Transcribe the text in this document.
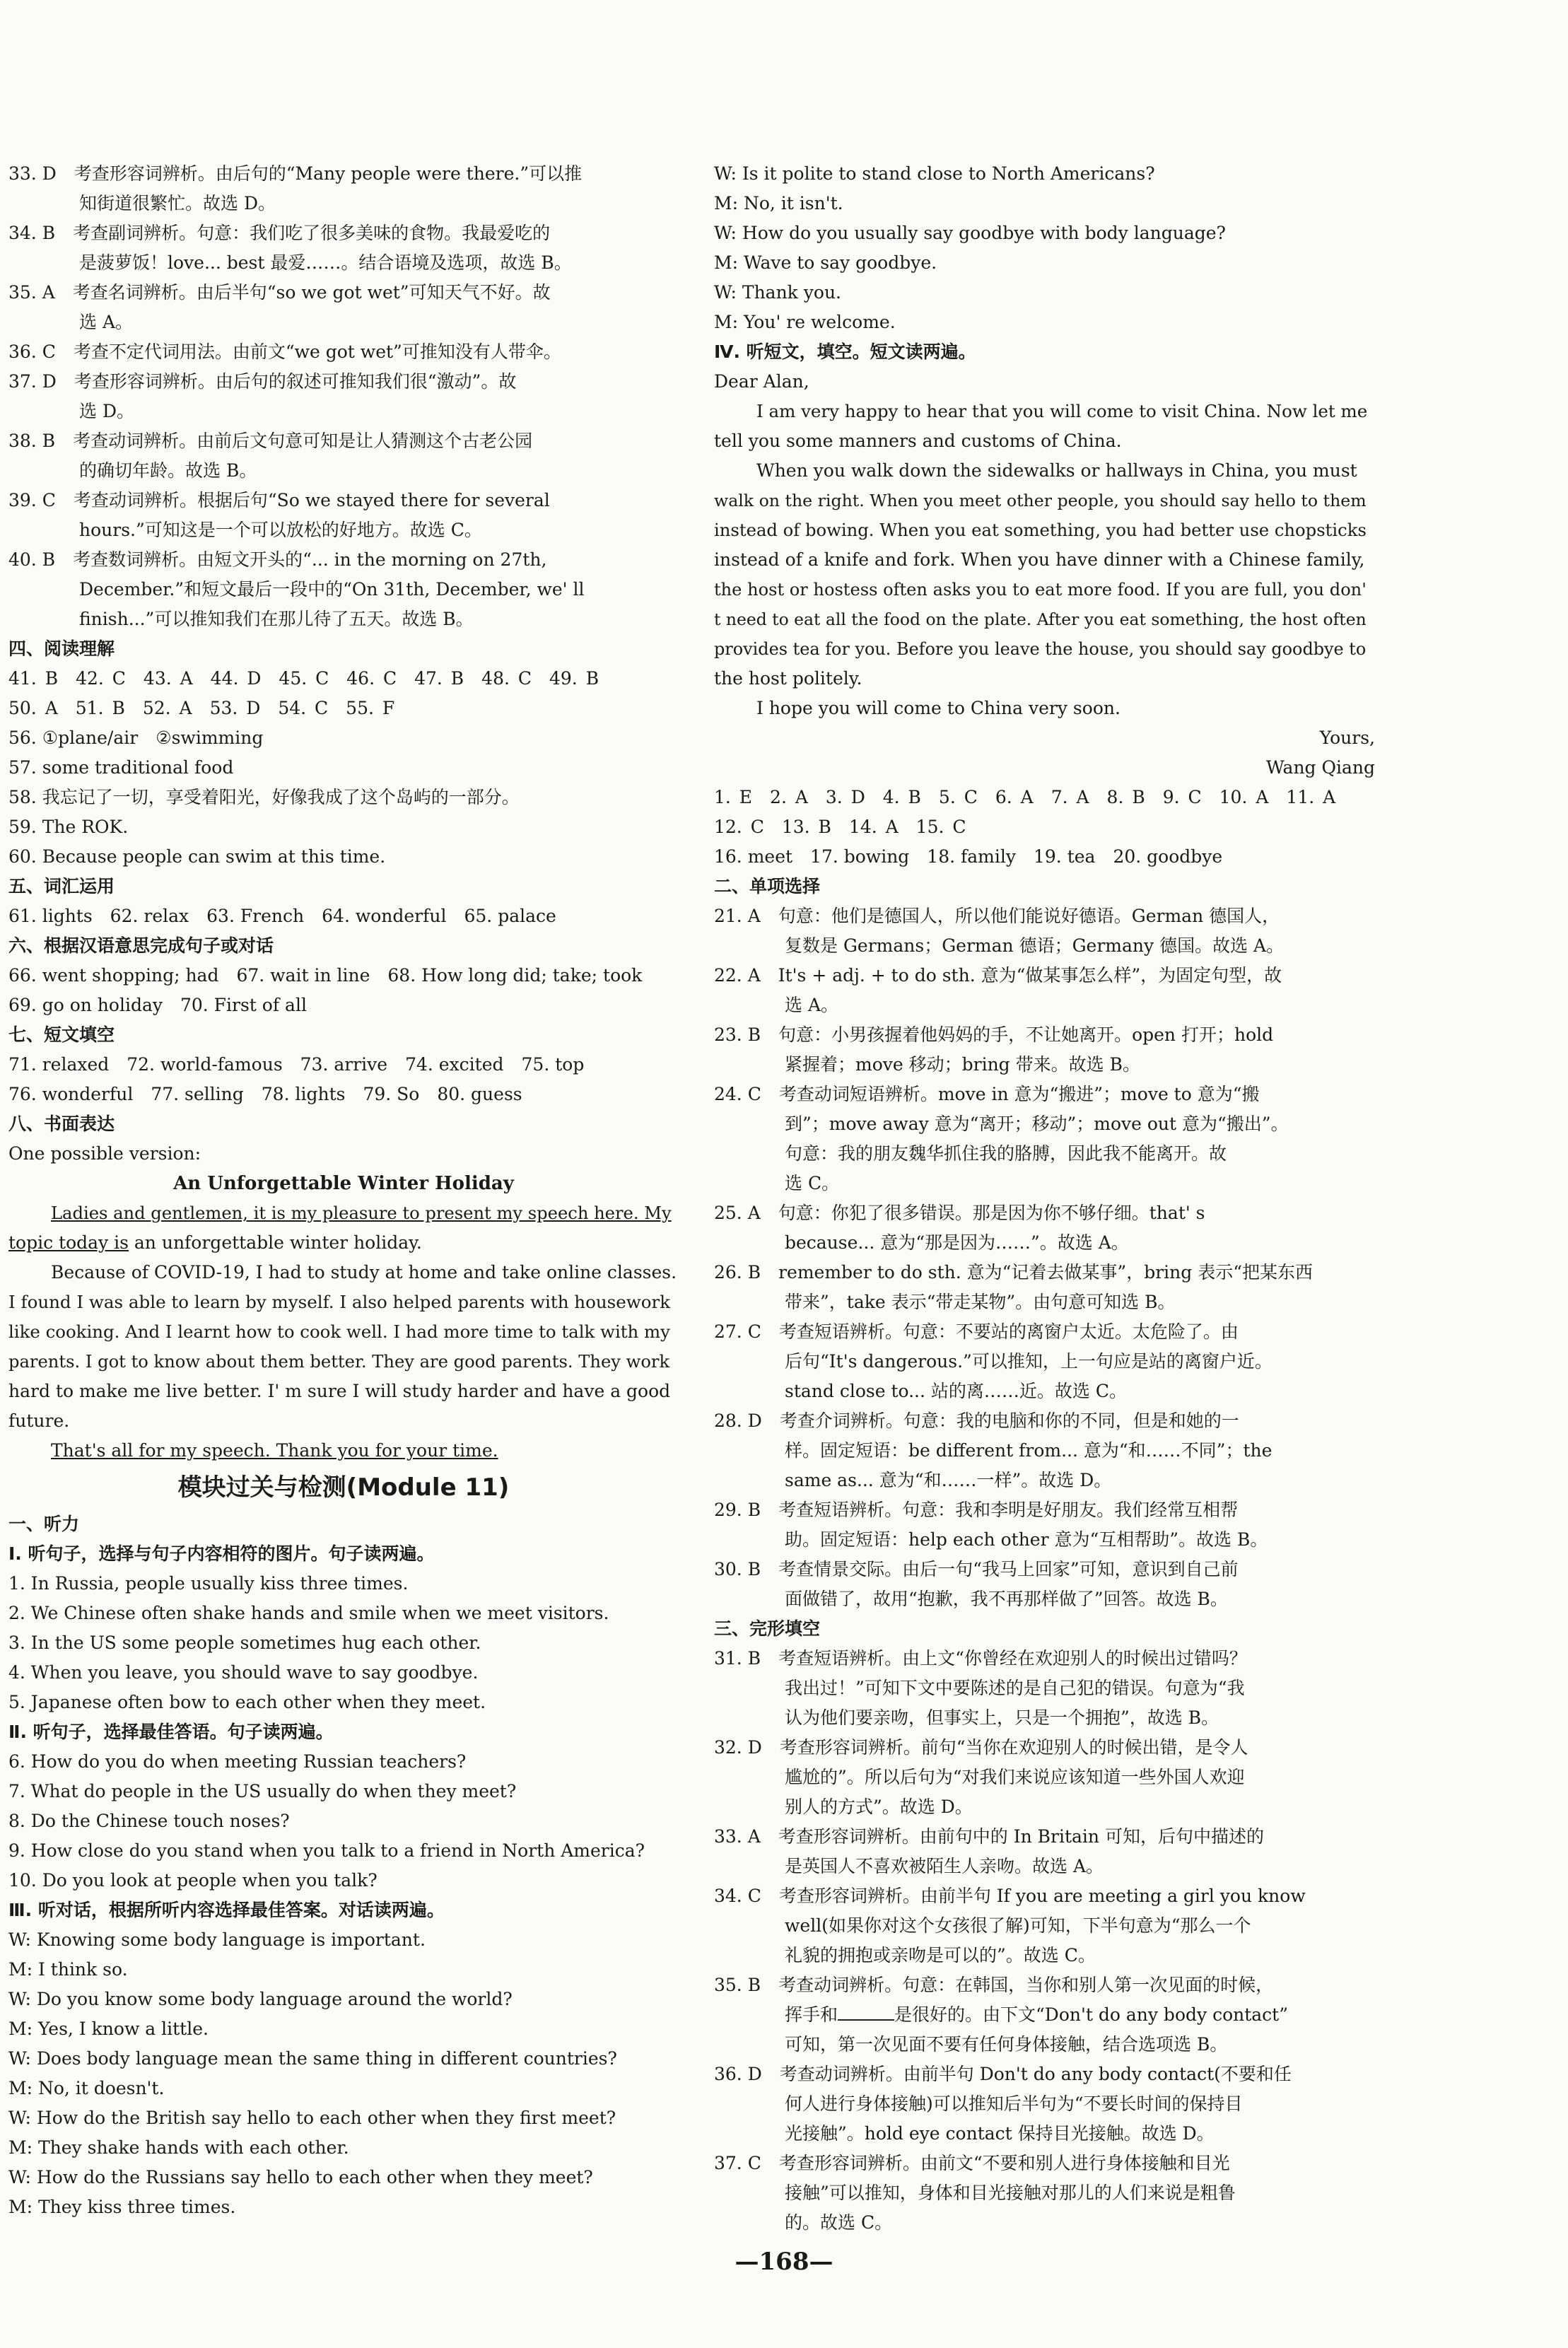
33. D　考查形容词辨析。由后句的“Many people were there.”可以推
知街道很繁忙。故选 D。
34. B　考查副词辨析。句意：我们吃了很多美味的食物。我最爱吃的
是菠萝饭！love... best 最爱……。结合语境及选项，故选 B。
35. A　考查名词辨析。由后半句“so we got wet”可知天气不好。故
选 A。
36. C　考查不定代词用法。由前文“we got wet”可推知没有人带伞。
37. D　考查形容词辨析。由后句的叙述可推知我们很“激动”。故
选 D。
38. B　考查动词辨析。由前后文句意可知是让人猜测这个古老公园
的确切年龄。故选 B。
39. C　考查动词辨析。根据后句“So we stayed there for several
hours.”可知这是一个可以放松的好地方。故选 C。
40. B　考查数词辨析。由短文开头的“... in the morning on 27th,
December.”和短文最后一段中的“On 31th, December, we' ll
finish...”可以推知我们在那儿待了五天。故选 B。
四、阅读理解
41. B　42. C　43. A　44. D　45. C　46. C　47. B　48. C　49. B
50. A　51. B　52. A　53. D　54. C　55. F
56. ①plane/air　②swimming
57. some traditional food
58. 我忘记了一切，享受着阳光，好像我成了这个岛屿的一部分。
59. The ROK.
60. Because people can swim at this time.
五、词汇运用
61. lights　62. relax　63. French　64. wonderful　65. palace
六、根据汉语意思完成句子或对话
66. went shopping; had　67. wait in line　68. How long did; take; took
69. go on holiday　70. First of all
七、短文填空
71. relaxed　72. world-famous　73. arrive　74. excited　75. top
76. wonderful　77. selling　78. lights　79. So　80. guess
八、书面表达
One possible version:
An Unforgettable Winter Holiday
Ladies and gentlemen, it is my pleasure to present my speech here. My
topic today is an unforgettable winter holiday.
Because of COVID-19, I had to study at home and take online classes.
I found I was able to learn by myself. I also helped parents with housework
like cooking. And I learnt how to cook well. I had more time to talk with my
parents. I got to know about them better. They are good parents. They work
hard to make me live better. I' m sure I will study harder and have a good
future.
That's all for my speech. Thank you for your time.
模块过关与检测(Module 11)
一、听力
Ⅰ. 听句子，选择与句子内容相符的图片。句子读两遍。
1. In Russia, people usually kiss three times.
2. We Chinese often shake hands and smile when we meet visitors.
3. In the US some people sometimes hug each other.
4. When you leave, you should wave to say goodbye.
5. Japanese often bow to each other when they meet.
Ⅱ. 听句子，选择最佳答语。句子读两遍。
6. How do you do when meeting Russian teachers?
7. What do people in the US usually do when they meet?
8. Do the Chinese touch noses?
9. How close do you stand when you talk to a friend in North America?
10. Do you look at people when you talk?
Ⅲ. 听对话，根据所听内容选择最佳答案。对话读两遍。
W: Knowing some body language is important.
M: I think so.
W: Do you know some body language around the world?
M: Yes, I know a little.
W: Does body language mean the same thing in different countries?
M: No, it doesn't.
W: How do the British say hello to each other when they first meet?
M: They shake hands with each other.
W: How do the Russians say hello to each other when they meet?
M: They kiss three times.
W: Is it polite to stand close to North Americans?
M: No, it isn't.
W: How do you usually say goodbye with body language?
M: Wave to say goodbye.
W: Thank you.
M: You' re welcome.
Ⅳ. 听短文，填空。短文读两遍。
Dear Alan,
I am very happy to hear that you will come to visit China. Now let me
tell you some manners and customs of China.
When you walk down the sidewalks or hallways in China, you must
walk on the right. When you meet other people, you should say hello to them
instead of bowing. When you eat something, you had better use chopsticks
instead of a knife and fork. When you have dinner with a Chinese family,
the host or hostess often asks you to eat more food. If you are full, you don'
t need to eat all the food on the plate. After you eat something, the host often
provides tea for you. Before you leave the house, you should say goodbye to
the host politely.
I hope you will come to China very soon.
Yours,
Wang Qiang
1. E　2. A　3. D　4. B　5. C　6. A　7. A　8. B　9. C　10. A　11. A
12. C　13. B　14. A　15. C
16. meet　17. bowing　18. family　19. tea　20. goodbye
二、单项选择
21. A　句意：他们是德国人，所以他们能说好德语。German 德国人，
复数是 Germans；German 德语；Germany 德国。故选 A。
22. A　It's + adj. + to do sth. 意为“做某事怎么样”，为固定句型，故
选 A。
23. B　句意：小男孩握着他妈妈的手，不让她离开。open 打开；hold
紧握着；move 移动；bring 带来。故选 B。
24. C　考查动词短语辨析。move in 意为“搬进”；move to 意为“搬
到”；move away 意为“离开；移动”；move out 意为“搬出”。
句意：我的朋友魏华抓住我的胳膊，因此我不能离开。故
选 C。
25. A　句意：你犯了很多错误。那是因为你不够仔细。that' s
because... 意为“那是因为……”。故选 A。
26. B　remember to do sth. 意为“记着去做某事”，bring 表示“把某东西
带来”，take 表示“带走某物”。由句意可知选 B。
27. C　考查短语辨析。句意：不要站的离窗户太近。太危险了。由
后句“It's dangerous.”可以推知，上一句应是站的离窗户近。
stand close to... 站的离……近。故选 C。
28. D　考查介词辨析。句意：我的电脑和你的不同，但是和她的一
样。固定短语：be different from... 意为“和……不同”；the
same as... 意为“和……一样”。故选 D。
29. B　考查短语辨析。句意：我和李明是好朋友。我们经常互相帮
助。固定短语：help each other 意为“互相帮助”。故选 B。
30. B　考查情景交际。由后一句“我马上回家”可知，意识到自己前
面做错了，故用“抱歉，我不再那样做了”回答。故选 B。
三、完形填空
31. B　考查短语辨析。由上文“你曾经在欢迎别人的时候出过错吗？
我出过！”可知下文中要陈述的是自己犯的错误。句意为“我
认为他们要亲吻，但事实上，只是一个拥抱”，故选 B。
32. D　考查形容词辨析。前句“当你在欢迎别人的时候出错，是令人
尴尬的”。所以后句为“对我们来说应该知道一些外国人欢迎
别人的方式”。故选 D。
33. A　考查形容词辨析。由前句中的 In Britain 可知，后句中描述的
是英国人不喜欢被陌生人亲吻。故选 A。
34. C　考查形容词辨析。由前半句 If you are meeting a girl you know
well(如果你对这个女孩很了解)可知，下半句意为“那么一个
礼貌的拥抱或亲吻是可以的”。故选 C。
35. B　考查动词辨析。句意：在韩国，当你和别人第一次见面的时候，
挥手和	是很好的。由下文“Don't do any body contact”
可知，第一次见面不要有任何身体接触，结合选项选 B。
36. D　考查动词辨析。由前半句 Don't do any body contact(不要和任
何人进行身体接触)可以推知后半句为“不要长时间的保持目
光接触”。hold eye contact 保持目光接触。故选 D。
37. C　考查形容词辨析。由前文“不要和别人进行身体接触和目光
接触”可以推知，身体和目光接触对那儿的人们来说是粗鲁
的。故选 C。
—168—
